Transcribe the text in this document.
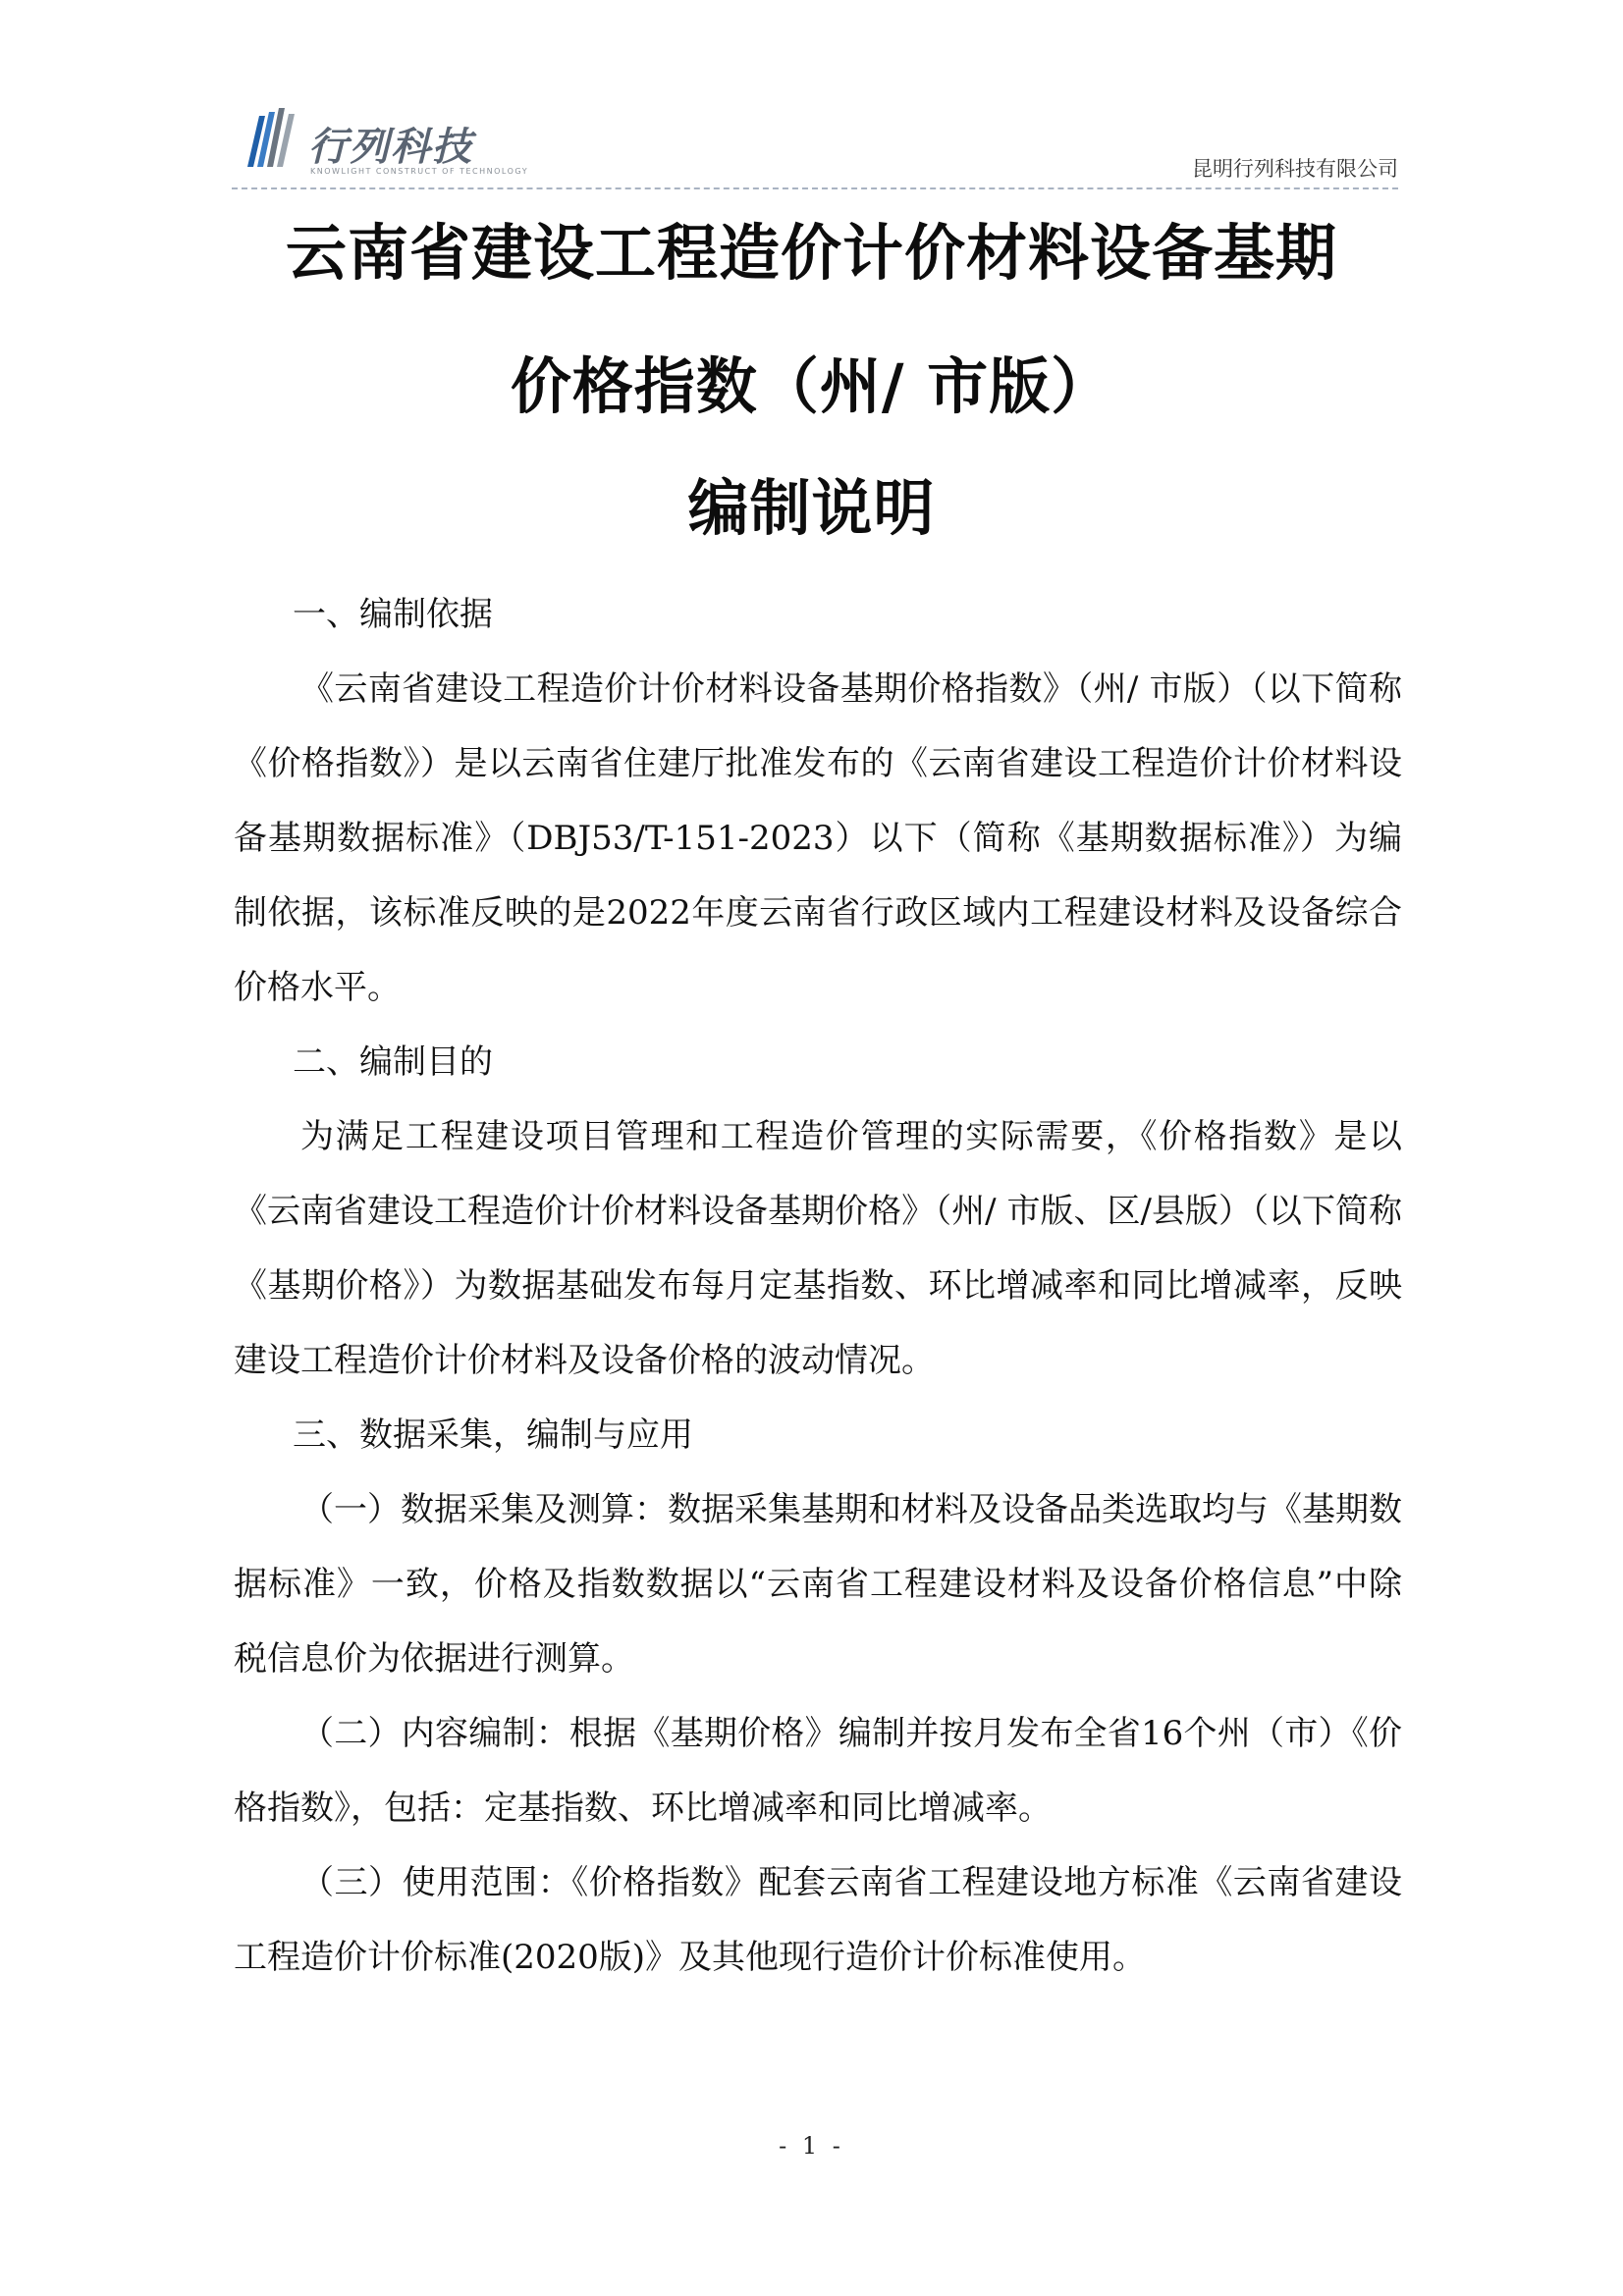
行列科技
KNOWLIGHT CONSTRUCT OF TECHNOLOGY	昆明行列科技有限公司
云南省建设工程造价计价材料设备基期
价格指数（州/ 市版）
编制说明

一、编制依据

《云南省建设工程造价计价材料设备基期价格指数》（州/ 市版）（以下简称《价格指数》）是以云南省住建厅批准发布的《云南省建设工程造价计价材料设备基期数据标准》（DBJ53/T-151-2023）以下（简称《基期数据标准》）为编制依据，该标准反映的是2022年度云南省行政区域内工程建设材料及设备综合价格水平。

二、编制目的

为满足工程建设项目管理和工程造价管理的实际需要，《价格指数》是以《云南省建设工程造价计价材料设备基期价格》（州/ 市版、区/县版）（以下简称《基期价格》）为数据基础发布每月定基指数、环比增减率和同比增减率，反映建设工程造价计价材料及设备价格的波动情况。

三、数据采集，编制与应用

（一）数据采集及测算：数据采集基期和材料及设备品类选取均与《基期数据标准》一致，价格及指数数据以“云南省工程建设材料及设备价格信息”中除税信息价为依据进行测算。

（二）内容编制：根据《基期价格》编制并按月发布全省16个州（市）《价格指数》，包括：定基指数、环比增减率和同比增减率。

（三）使用范围：《价格指数》配套云南省工程建设地方标准《云南省建设工程造价计价标准(2020版)》及其他现行造价计价标准使用。

- 1 -
